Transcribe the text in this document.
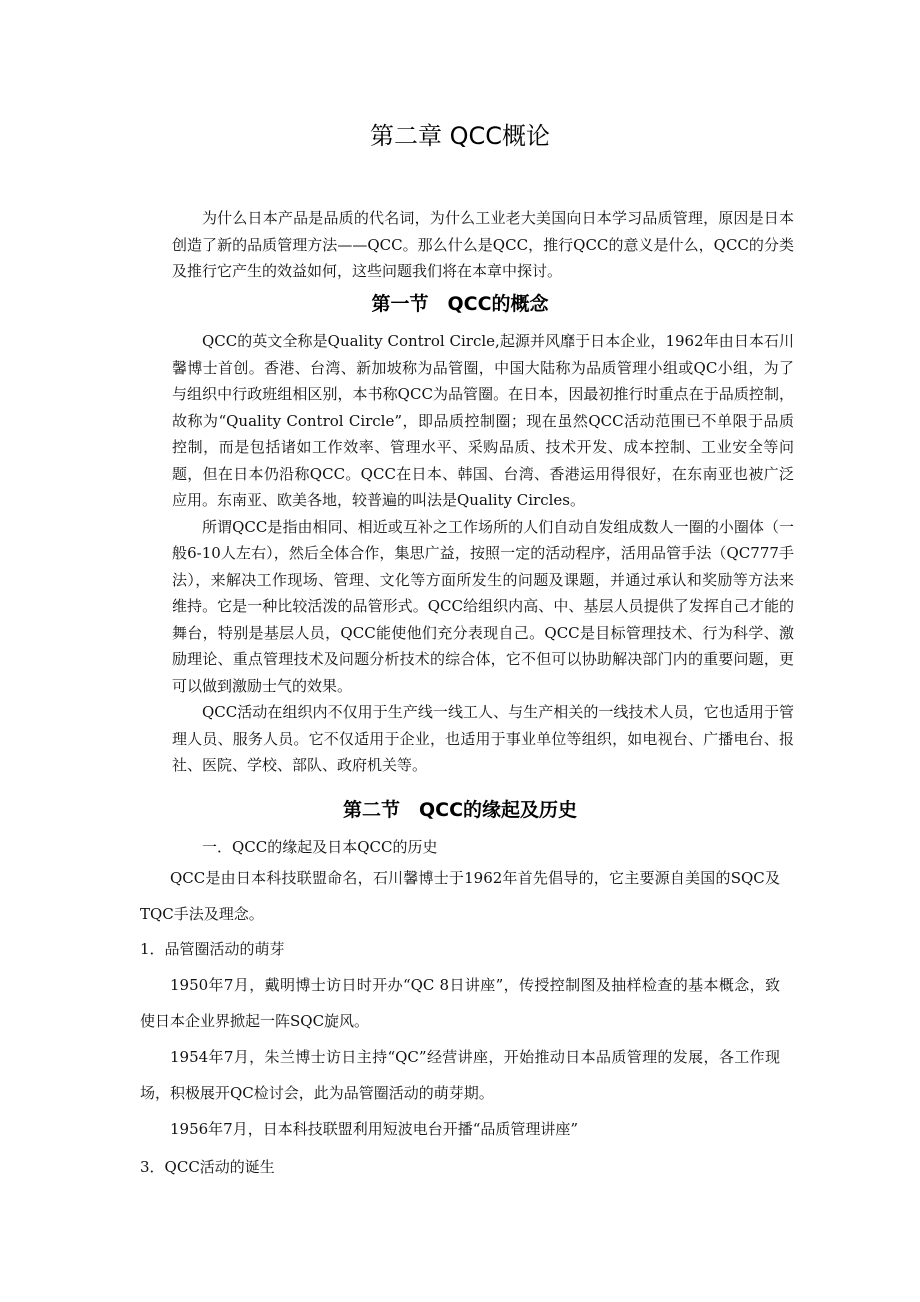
第二章 QCC概论

为什么日本产品是品质的代名词，为什么工业老大美国向日本学习品质管理，原因是日本创造了新的品质管理方法——QCC。那么什么是QCC，推行QCC的意义是什么，QCC的分类及推行它产生的效益如何，这些问题我们将在本章中探讨。

第一节　QCC的概念

QCC的英文全称是Quality Control Circle,起源并风靡于日本企业，1962年由日本石川馨博士首创。香港、台湾、新加坡称为品管圈，中国大陆称为品质管理小组或QC小组，为了与组织中行政班组相区别，本书称QCC为品管圈。在日本，因最初推行时重点在于品质控制，故称为“Quality Control Circle”，即品质控制圈；现在虽然QCC活动范围已不单限于品质控制，而是包括诸如工作效率、管理水平、采购品质、技术开发、成本控制、工业安全等问题，但在日本仍沿称QCC。QCC在日本、韩国、台湾、香港运用得很好，在东南亚也被广泛应用。东南亚、欧美各地，较普遍的叫法是Quality Circles。

所谓QCC是指由相同、相近或互补之工作场所的人们自动自发组成数人一圈的小圈体（一般6-10人左右），然后全体合作，集思广益，按照一定的活动程序，活用品管手法（QC777手法），来解决工作现场、管理、文化等方面所发生的问题及课题，并通过承认和奖励等方法来维持。它是一种比较活泼的品管形式。QCC给组织内高、中、基层人员提供了发挥自己才能的舞台，特别是基层人员，QCC能使他们充分表现自己。QCC是目标管理技术、行为科学、激励理论、重点管理技术及问题分析技术的综合体，它不但可以协助解决部门内的重要问题，更可以做到激励士气的效果。

QCC活动在组织内不仅用于生产线一线工人、与生产相关的一线技术人员，它也适用于管理人员、服务人员。它不仅适用于企业，也适用于事业单位等组织，如电视台、广播电台、报社、医院、学校、部队、政府机关等。

第二节　QCC的缘起及历史

一．QCC的缘起及日本QCC的历史

QCC是由日本科技联盟命名，石川馨博士于1962年首先倡导的，它主要源自美国的SQC及TQC手法及理念。

1．品管圈活动的萌芽

1950年7月，戴明博士访日时开办“QC 8日讲座”，传授控制图及抽样检查的基本概念，致使日本企业界掀起一阵SQC旋风。

1954年7月，朱兰博士访日主持“QC”经营讲座，开始推动日本品质管理的发展，各工作现场，积极展开QC检讨会，此为品管圈活动的萌芽期。

1956年7月，日本科技联盟利用短波电台开播“品质管理讲座”

3．QCC活动的诞生
